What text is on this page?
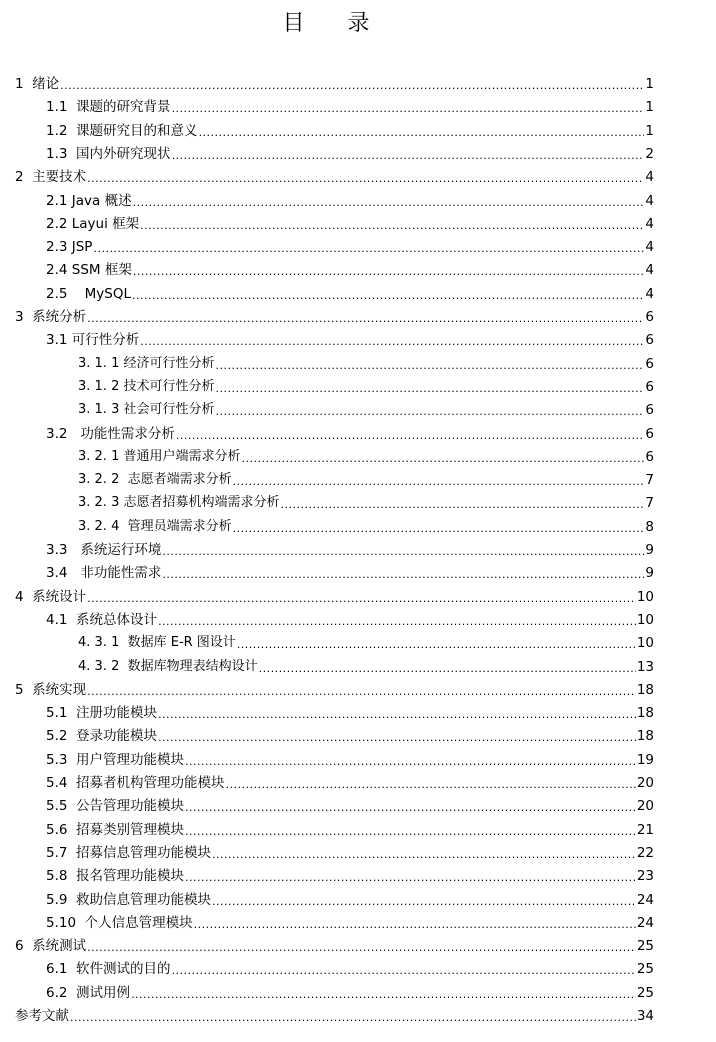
目 录
1  绪论 .....	1
1.1  课题的研究背景 .....	1
1.2  课题研究目的和意义 .....	1
1.3  国内外研究现状 .....	2
2  主要技术 .....	4
2.1 Java 概述 .....	4
2.2 Layui 框架 .....	4
2.3 JSP .....	4
2.4 SSM 框架 .....	4
2.5    MySQL .....	4
3  系统分析 .....	6
3.1 可行性分析 .....	6
3. 1. 1 经济可行性分析 .....	6
3. 1. 2 技术可行性分析 .....	6
3. 1. 3 社会可行性分析 .....	6
3.2   功能性需求分析 .....	6
3. 2. 1 普通用户端需求分析 .....	6
3. 2. 2  志愿者端需求分析 .....	7
3. 2. 3 志愿者招募机构端需求分析 .....	7
3. 2. 4  管理员端需求分析 .....	8
3.3   系统运行环境 .....	9
3.4   非功能性需求 .....	9
4  系统设计 .....	10
4.1  系统总体设计 .....	10
4. 3. 1  数据库 E-R 图设计 .....	10
4. 3. 2  数据库物理表结构设计 .....	13
5  系统实现 .....	18
5.1  注册功能模块 .....	18
5.2  登录功能模块 .....	18
5.3  用户管理功能模块 .....	19
5.4  招募者机构管理功能模块 .....	20
5.5  公告管理功能模块 .....	20
5.6  招募类别管理模块 .....	21
5.7  招募信息管理功能模块 .....	22
5.8  报名管理功能模块 .....	23
5.9  救助信息管理功能模块 .....	24
5.10  个人信息管理模块 .....	24
6  系统测试 .....	25
6.1  软件测试的目的 .....	25
6.2  测试用例 .....	25
参考文献 .....	34
